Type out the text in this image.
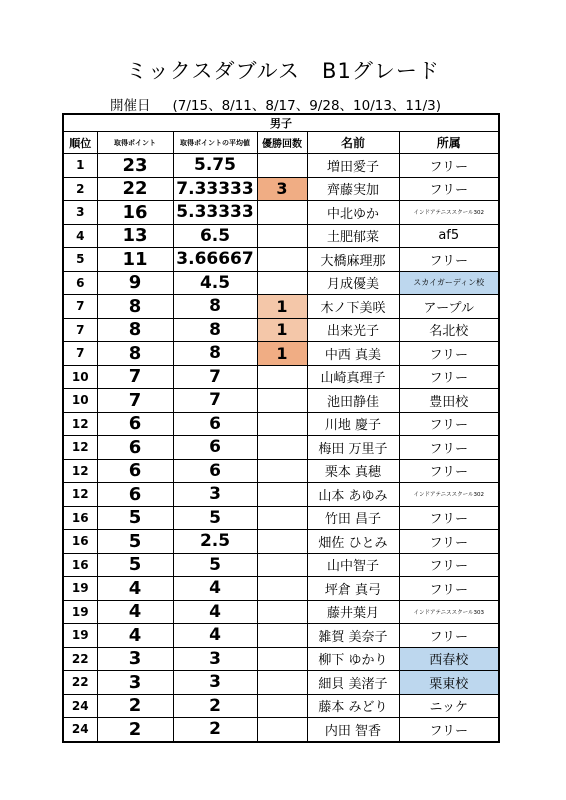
ミックスダブルス　B1グレード
開催日 (7/15、8/11、8/17、9/28、10/13、11/3)
男子					
順位	取得ポイント	取得ポイントの平均値	優勝回数	名前	所属
1	23	5.75		増田愛子	フリー
2	22	7.33333	3	齊藤実加	フリー
3	16	5.33333		中北ゆか	インドアテニススクール302
4	13	6.5		土肥郁菜	af5
5	11	3.66667		大橋麻理那	フリー
6	9	4.5		月成優美	スカイガーディン校
7	8	8	1	木ノ下美咲	アープル
7	8	8	1	出来光子	名北校
7	8	8	1	中西 真美	フリー
10	7	7		山崎真理子	フリー
10	7	7		池田静佳	豊田校
12	6	6		川地 慶子	フリー
12	6	6		梅田 万里子	フリー
12	6	6		栗本 真穂	フリー
12	6	3		山本 あゆみ	インドアテニススクール302
16	5	5		竹田 昌子	フリー
16	5	2.5		畑佐 ひとみ	フリー
16	5	5		山中智子	フリー
19	4	4		坪倉 真弓	フリー
19	4	4		藤井葉月	インドアテニススクール303
19	4	4		雑賀 美奈子	フリー
22	3	3		柳下 ゆかり	西春校
22	3	3		細貝 美渚子	栗東校
24	2	2		藤本 みどり	ニッケ
24	2	2		内田 智香	フリー
